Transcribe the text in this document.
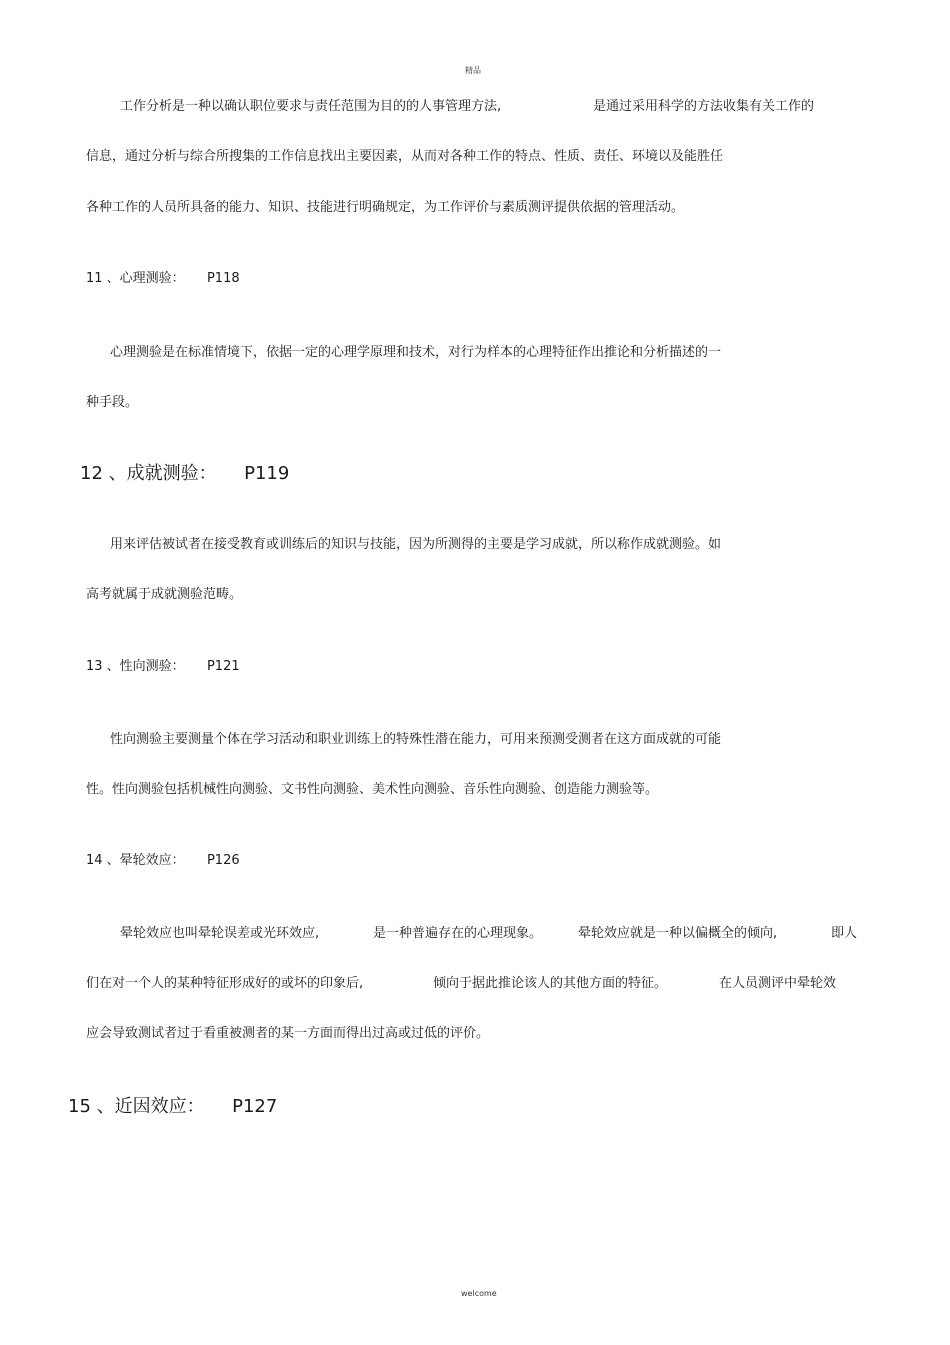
精品
工作分析是一种以确认职位要求与责任范围为目的的人事管理方法,	是通过采用科学的方法收集有关工作的
信息，通过分析与综合所搜集的工作信息找出主要因素，从而对各种工作的特点、性质、责任、环境以及能胜任
各种工作的人员所具备的能力、知识、技能进行明确规定，为工作评价与素质测评提供依据的管理活动。
11 、心理测验： P118
心理测验是在标准情境下，依据一定的心理学原理和技术，对行为样本的心理特征作出推论和分析描述的一
种手段。
12 、成就测验： P119
用来评估被试者在接受教育或训练后的知识与技能，因为所测得的主要是学习成就，所以称作成就测验。如
高考就属于成就测验范畴。
13 、性向测验： P121
性向测验主要测量个体在学习活动和职业训练上的特殊性潜在能力，可用来预测受测者在这方面成就的可能
性。性向测验包括机械性向测验、文书性向测验、美术性向测验、音乐性向测验、创造能力测验等。
14 、晕轮效应： P126
晕轮效应也叫晕轮误差或光环效应,	是一种普遍存在的心理现象。	晕轮效应就是一种以偏概全的倾向,	即人
们在对一个人的某种特征形成好的或坏的印象后,	倾向于据此推论该人的其他方面的特征。	在人员测评中晕轮效
应会导致测试者过于看重被测者的某一方面而得出过高或过低的评价。
15 、近因效应： P127
welcome
